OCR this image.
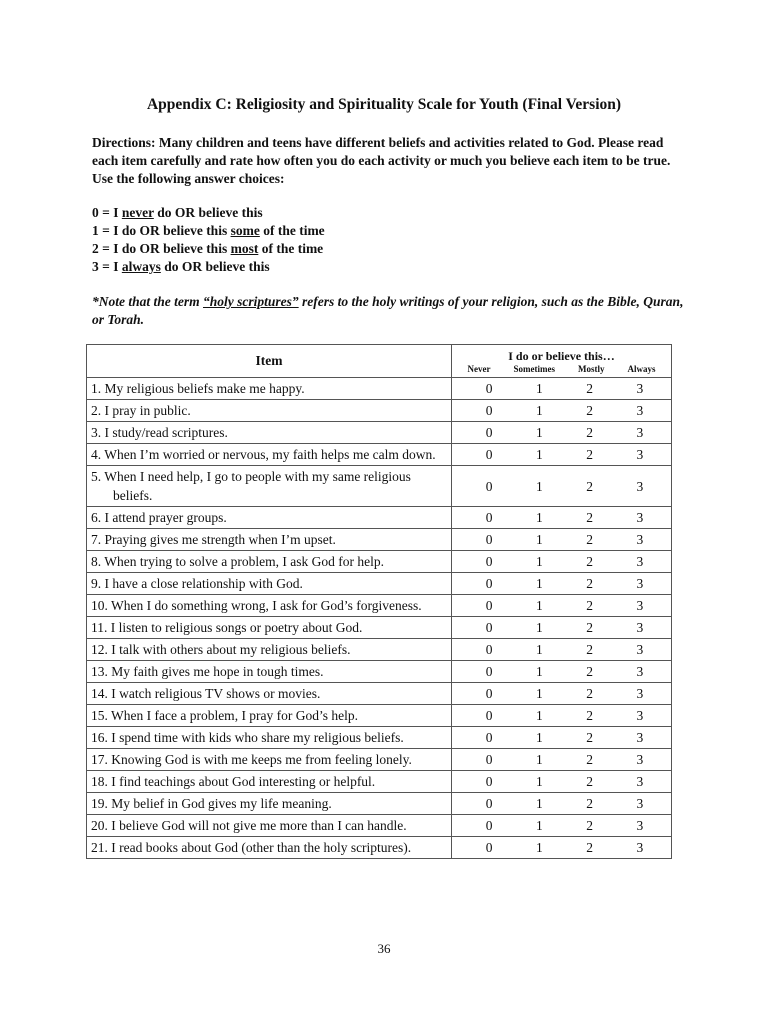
Appendix C: Religiosity and Spirituality Scale for Youth (Final Version)
Directions: Many children and teens have different beliefs and activities related to God. Please read each item carefully and rate how often you do each activity or much you believe each item to be true. Use the following answer choices:
0 = I never do OR believe this
1 = I do OR believe this some of the time
2 = I do OR believe this most of the time
3 = I always do OR believe this
*Note that the term “holy scriptures” refers to the holy writings of your religion, such as the Bible, Quran, or Torah.
Item	I do or believe this…
Never Sometimes Mostly Always

1. My religious beliefs make me happy.	0 1 2 3

2. I pray in public.	0 1 2 3

3. I study/read scriptures.	0 1 2 3

4. When I’m worried or nervous, my faith helps me calm down.	0 1 2 3

5. When I need help, I go to people with my same religious beliefs.	0 1 2 3

6. I attend prayer groups.	0 1 2 3

7. Praying gives me strength when I’m upset.	0 1 2 3

8. When trying to solve a problem, I ask God for help.	0 1 2 3

9. I have a close relationship with God.	0 1 2 3

10. When I do something wrong, I ask for God’s forgiveness.	0 1 2 3

11. I listen to religious songs or poetry about God.	0 1 2 3

12. I talk with others about my religious beliefs.	0 1 2 3

13. My faith gives me hope in tough times.	0 1 2 3

14. I watch religious TV shows or movies.	0 1 2 3

15. When I face a problem, I pray for God’s help.	0 1 2 3

16. I spend time with kids who share my religious beliefs.	0 1 2 3

17. Knowing God is with me keeps me from feeling lonely.	0 1 2 3

18. I find teachings about God interesting or helpful.	0 1 2 3

19. My belief in God gives my life meaning.	0 1 2 3

20. I believe God will not give me more than I can handle.	0 1 2 3

21. I read books about God (other than the holy scriptures).	0 1 2 3
36
